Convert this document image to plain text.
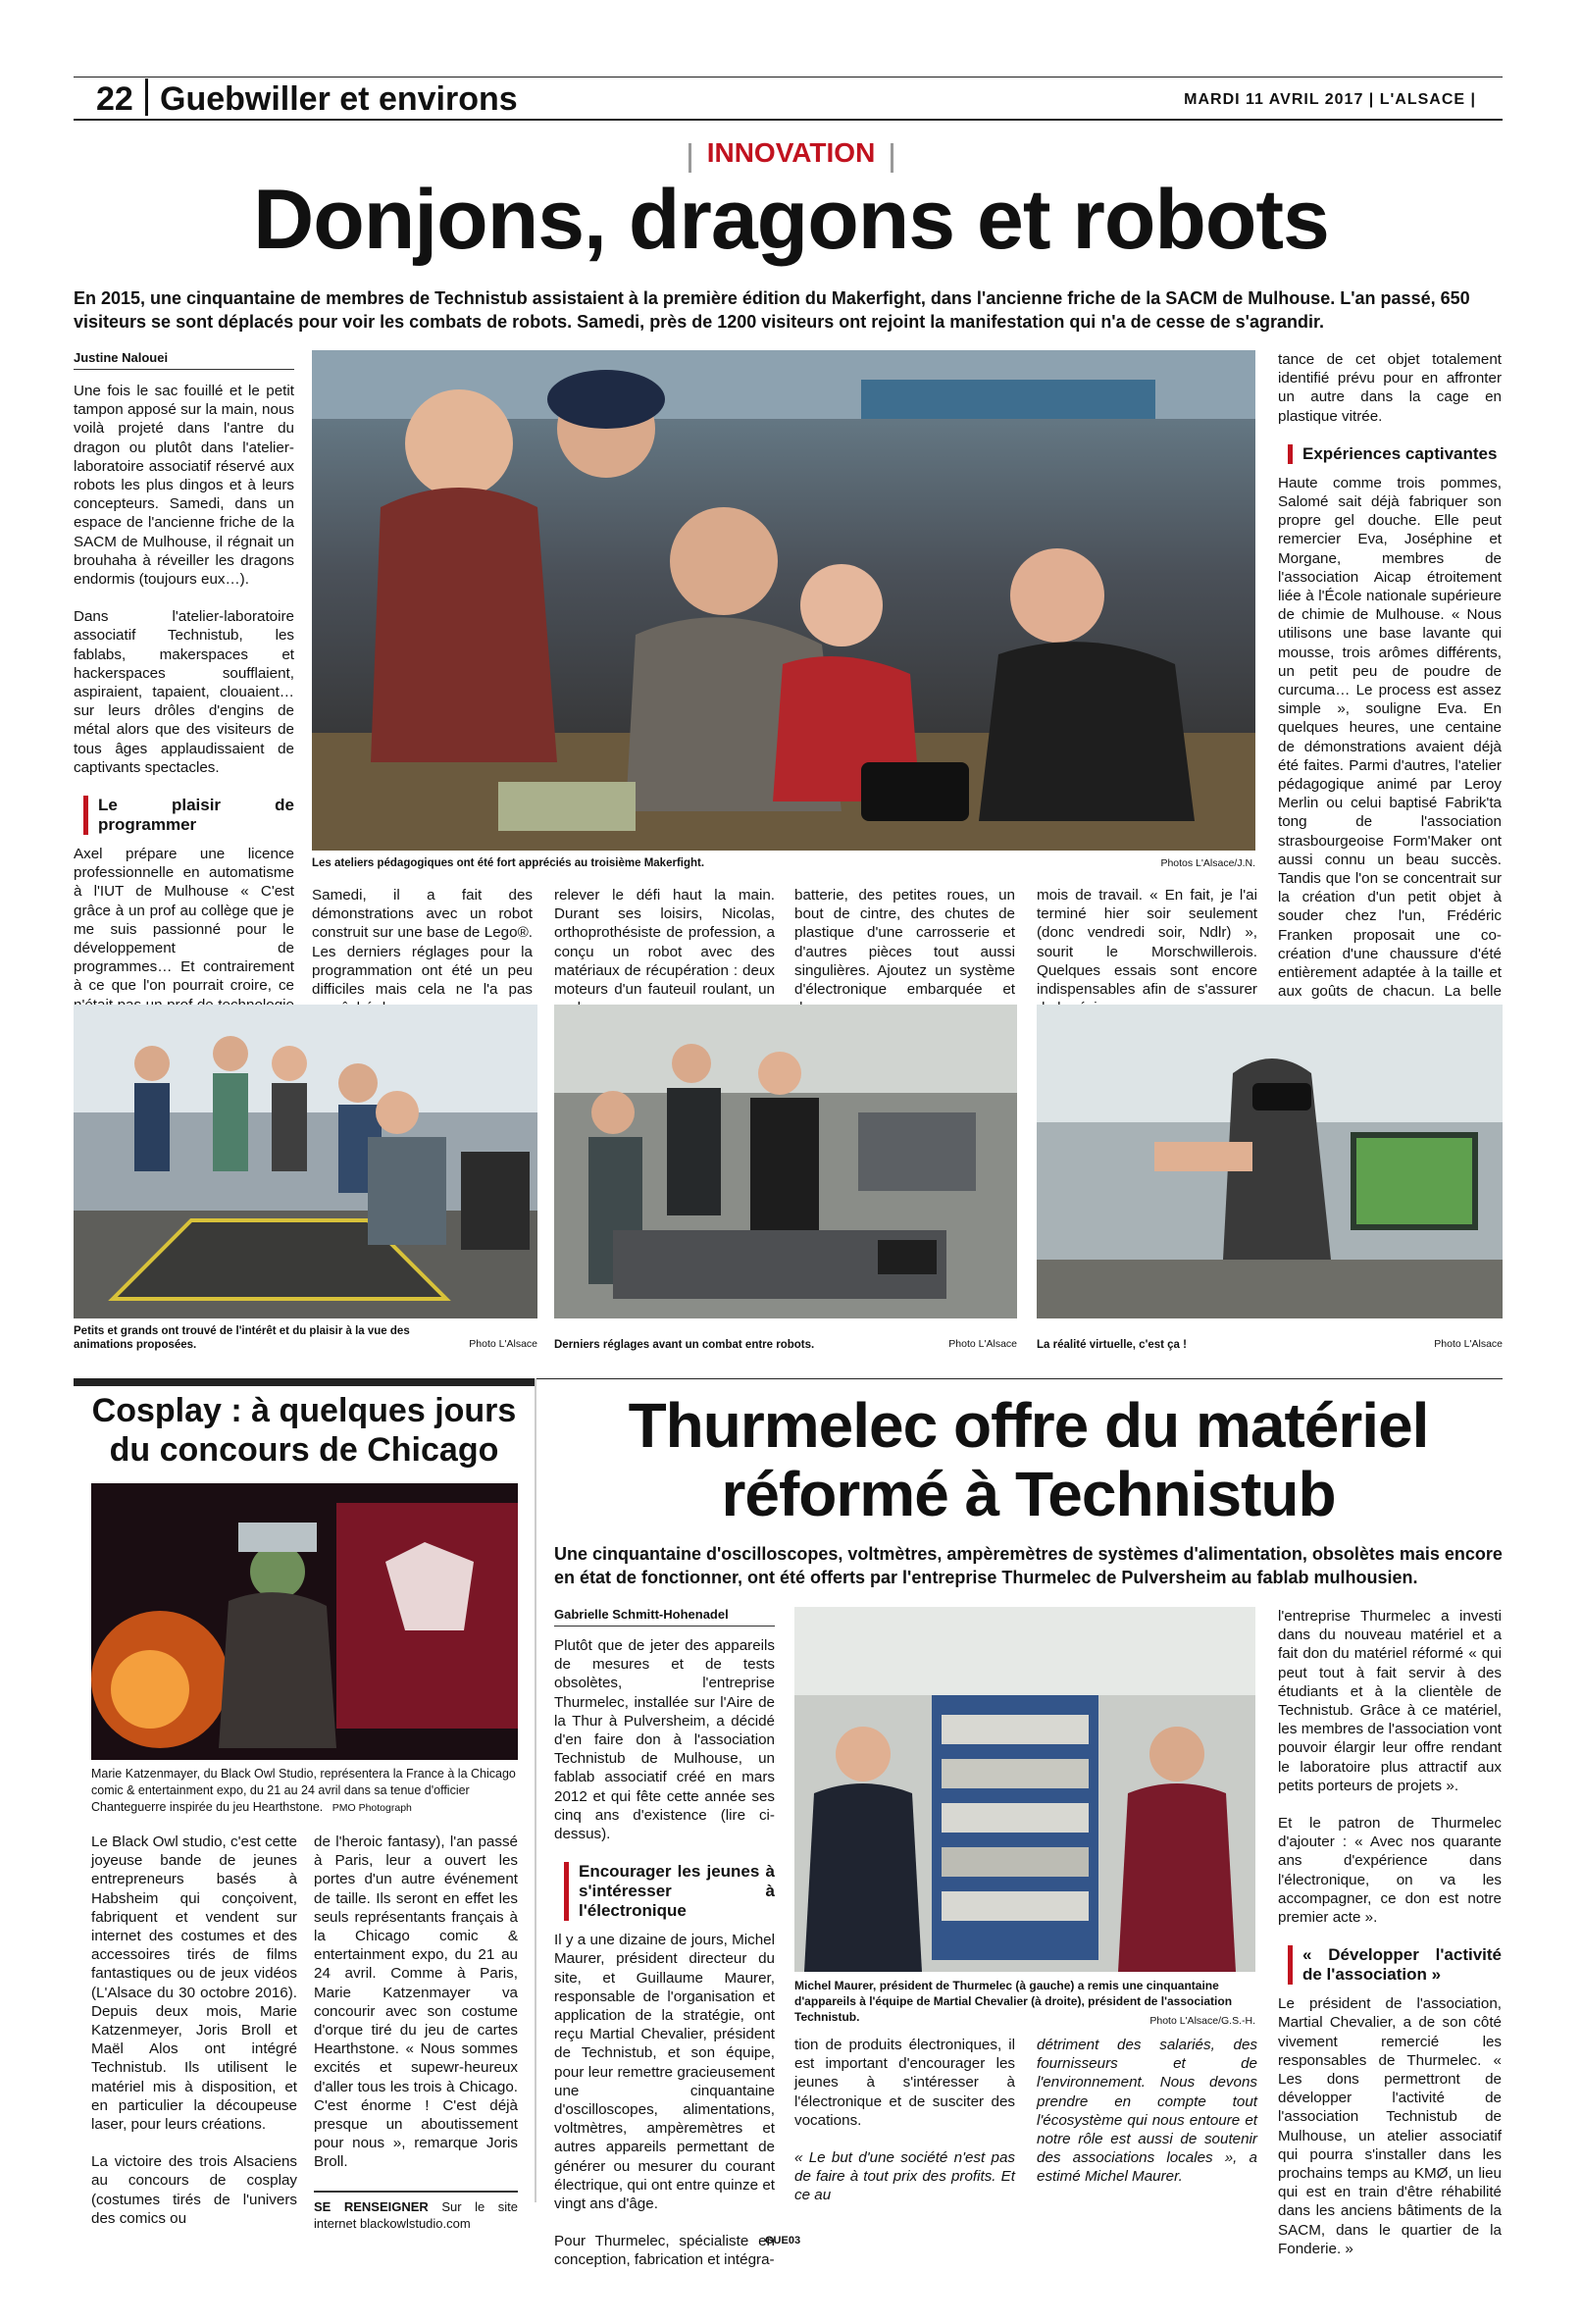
22 Guebwiller et environs	MARDI 11 AVRIL 2017 | L'ALSACE |
INNOVATION
Donjons, dragons et robots
En 2015, une cinquantaine de membres de Technistub assistaient à la première édition du Makerfight, dans l'ancienne friche de la SACM de Mulhouse. L'an passé, 650 visiteurs se sont déplacés pour voir les combats de robots. Samedi, près de 1200 visiteurs ont rejoint la manifestation qui n'a de cesse de s'agrandir.
Justine Nalouei

Une fois le sac fouillé et le petit tampon apposé sur la main, nous voilà projeté dans l'antre du dragon ou plutôt dans l'atelier-laboratoire associatif réservé aux robots les plus dingos et à leurs concepteurs. Samedi, dans un espace de l'ancienne friche de la SACM de Mulhouse, il régnait un brouhaha à réveiller les dragons endormis (toujours eux…).

Dans l'atelier-laboratoire associatif Technistub, les fablabs, makerspaces et hackerspaces soufflaient, aspiraient, tapaient, clouaient… sur leurs drôles d'engins de métal alors que des visiteurs de tous âges applaudissaient de captivants spectacles.

Le plaisir de programmer

Axel prépare une licence professionnelle en automatisme à l'IUT de Mulhouse « C'est grâce à un prof au collège que je me suis passionné pour le développement de programmes… Et contrairement à ce que l'on pourrait croire, ce

Les ateliers pédagogiques ont été fort appréciés au troisième Makerfight.	Photos L'Alsace/J.N.
Samedi, il a fait des démonstrations avec un robot construit sur une base de Lego®. Les derniers réglages pour la programmation ont été un peu difficiles mais cela ne l'a pas
relever le défi haut la main. Durant ses loisirs, Nicolas, orthoprothésiste de profession, a conçu un robot avec des matériaux de récupération : deux moteurs d'un fauteuil roulant, un
batterie, des petites roues, un bout de cintre, des chutes de plastique d'une carrosserie et d'autres pièces tout aussi singulières. Ajoutez un système d'électronique embarquée et
mois de travail. « En fait, je l'ai terminé hier soir seulement (donc vendredi soir, Ndlr) », sourit le Morschwillerois. Quelques essais sont encore indispensables afin de s'assurer

tance de cet objet totalement identifié prévu pour en affronter un autre dans la cage en plastique vitrée.

Expériences captivantes

Haute comme trois pommes, Salomé sait déjà fabriquer son propre gel douche. Elle peut remercier Eva, Joséphine et Morgane, membres de l'association Aicap étroitement liée à l'École nationale supérieure de chimie de Mulhouse. « Nous utilisons une base lavante qui mousse, trois arômes différents, un petit peu de poudre de curcuma… Le process est assez simple », souligne Eva. En quelques heures, une centaine de démonstrations avaient déjà été faites. Parmi d'autres, l'atelier pédagogique animé par Leroy Merlin ou celui baptisé Fabrik'ta tong de l'association strasbourgeoise Form'Maker ont aussi connu un beau succès. Tandis que l'on se concentrait sur la création d'un petit objet à souder chez l'un, Frédéric Franken proposait une co-création d'une chaussure d'été entièrement adaptée à la taille et aux goûts de chacun. La belle

Petits et grands ont trouvé de l'intérêt et du plaisir à la vue des animations proposées.	Photo L'Alsace Derniers réglages avant un combat entre robots.	Photo L'Alsace La réalité virtuelle, c'est ça !	Photo L'Alsace
Cosplay : à quelques jours du concours de Chicago
Marie Katzenmayer, du Black Owl Studio, représentera la France à la Chicago comic & entertainment expo, du 21 au 24 avril dans sa tenue d'officier Chanteguerre inspirée du jeu Hearthstone. PMO Photograph

Le Black Owl studio, c'est cette joyeuse bande de jeunes entrepreneurs basés à Habsheim qui conçoivent, fabriquent et vendent sur internet des costumes et des accessoires tirés de films fantastiques ou de jeux vidéos (L'Alsace du 30 octobre 2016). Depuis deux mois, Marie Katzenmeyer, Joris Broll et Maël Alos ont intégré Technistub. Ils utilisent le matériel mis à disposition, et en particulier la découpeuse laser, pour leurs créations.

La victoire des trois Alsaciens au concours de cosplay (costumes tirés de l'univers des comics ou

de l'heroic fantasy), l'an passé à Paris, leur a ouvert les portes d'un autre événement de taille. Ils seront en effet les seuls représentants français à la Chicago comic & entertainment expo, du 21 au 24 avril. Comme à Paris, Marie Katzenmayer va concourir avec son costume d'orque tiré du jeu de cartes Hearthstone. « Nous sommes excités et supewr-heureux d'aller tous les trois à Chicago. C'est énorme ! C'est déjà presque un aboutissement pour nous », remarque Joris Broll.

SE RENSEIGNER Sur le site internet blackowlstudio.com
Thurmelec offre du matériel
réformé à Technistub
Une cinquantaine d'oscilloscopes, voltmètres, ampèremètres de systèmes d'alimentation, obsolètes mais encore en état de fonctionner, ont été offerts par l'entreprise Thurmelec de Pulversheim au fablab mulhousien.
Gabrielle Schmitt-Hohenadel

Plutôt que de jeter des appareils de mesures et de tests obsolètes, l'entreprise Thurmelec, installée sur l'Aire de la Thur à Pulversheim, a décidé d'en faire don à l'association Technistub de Mulhouse, un fablab associatif créé en mars 2012 et qui fête cette année ses cinq ans d'existence (lire ci-dessus).

Encourager les jeunes à s'intéresser à l'électronique

Il y a une dizaine de jours, Michel Maurer, président directeur du site, et Guillaume Maurer, responsable de l'organisation et application de la stratégie, ont reçu Martial Chevalier, président de Technistub, et son équipe, pour leur remettre gracieusement une cinquantaine d'oscilloscopes, alimentations, voltmètres, ampèremètres et autres appareils permettant de générer ou mesurer du courant électrique, qui ont entre quinze et vingt ans d'âge.

Pour Thurmelec, spécialiste en conception, fabrication et intégra-

Michel Maurer, président de Thurmelec (à gauche) a remis une cinquantaine d'appareils à l'équipe de Martial Chevalier (à droite), président de l'association Technistub.	Photo L'Alsace/G.S.-H.

tion de produits électroniques, il est important d'encourager les jeunes à s'intéresser à l'électronique et de susciter des vocations.

« Le but d'une société n'est pas de faire à tout prix des profits. Et ce au

détriment des salariés, des fournisseurs et de l'environnement. Nous devons prendre en compte tout l'écosystème qui nous entoure et notre rôle est aussi de soutenir des associations locales », a estimé Michel Maurer.

l'entreprise Thurmelec a investi dans du nouveau matériel et a fait don du matériel réformé « qui peut tout à fait servir à des étudiants et à la clientèle de Technistub. Grâce à ce matériel, les membres de l'association vont pouvoir élargir leur offre rendant le laboratoire plus attractif aux petits porteurs de projets ».

Et le patron de Thurmelec d'ajouter : « Avec nos quarante ans d'expérience dans l'électronique, on va les accompagner, ce don est notre premier acte ».

« Développer l'activité de l'association »

Le président de l'association, Martial Chevalier, a de son côté vivement remercié les responsables de Thurmelec. « Les dons permettront de développer l'activité de l'association Technistub de Mulhouse, un atelier associatif qui pourra s'installer dans les prochains temps au KMØ, un lieu qui est en train d'être réhabilité dans les anciens bâtiments de la SACM, dans le quartier de la Fonderie. »

GUE03
